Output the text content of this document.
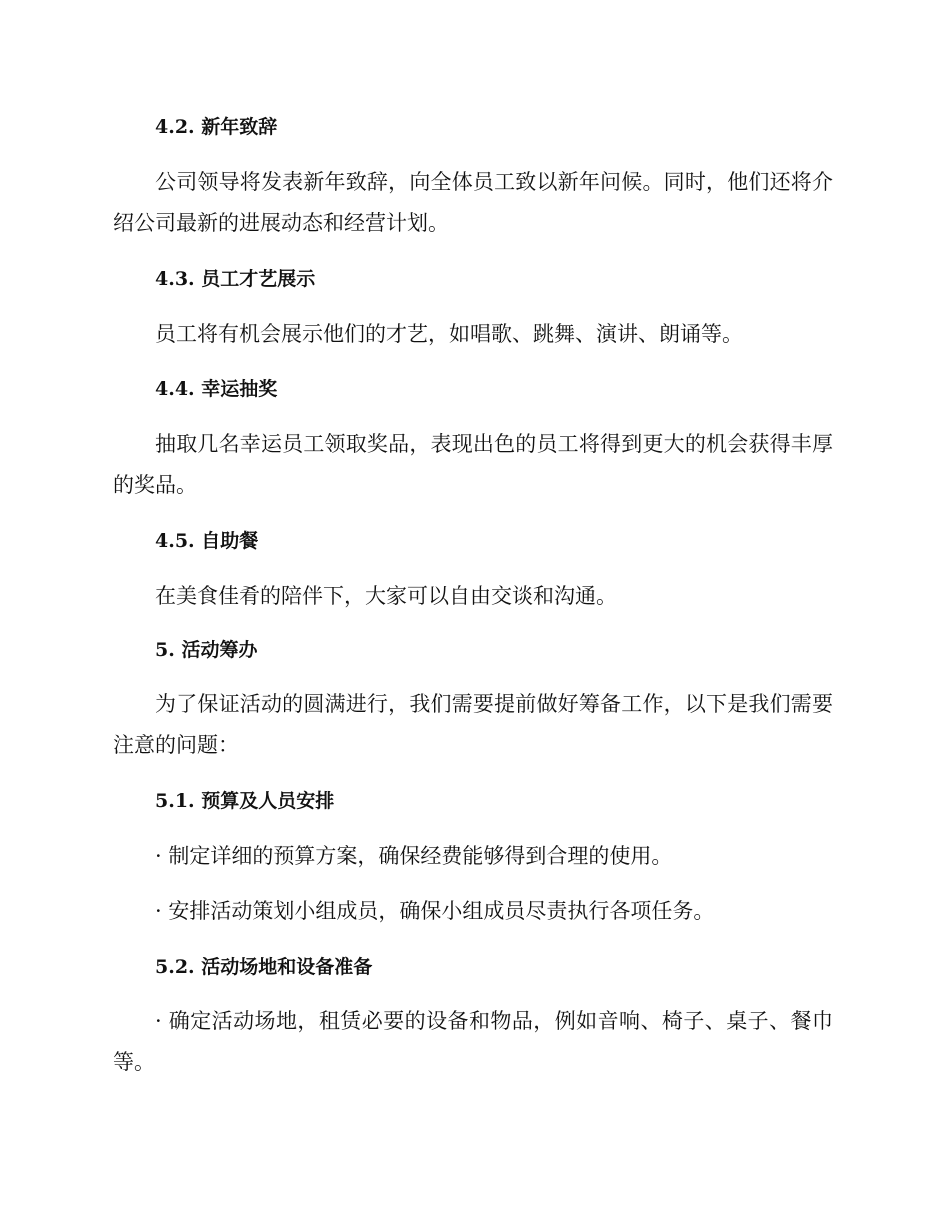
4.2. 新年致辞
公司领导将发表新年致辞，向全体员工致以新年问候。同时，他们还将介绍公司最新的进展动态和经营计划。
4.3. 员工才艺展示
员工将有机会展示他们的才艺，如唱歌、跳舞、演讲、朗诵等。
4.4. 幸运抽奖
抽取几名幸运员工领取奖品，表现出色的员工将得到更大的机会获得丰厚的奖品。
4.5. 自助餐
在美食佳肴的陪伴下，大家可以自由交谈和沟通。
5. 活动筹办
为了保证活动的圆满进行，我们需要提前做好筹备工作，以下是我们需要注意的问题：
5.1. 预算及人员安排
· 制定详细的预算方案，确保经费能够得到合理的使用。
· 安排活动策划小组成员，确保小组成员尽责执行各项任务。
5.2. 活动场地和设备准备
· 确定活动场地，租赁必要的设备和物品，例如音响、椅子、桌子、餐巾等。
